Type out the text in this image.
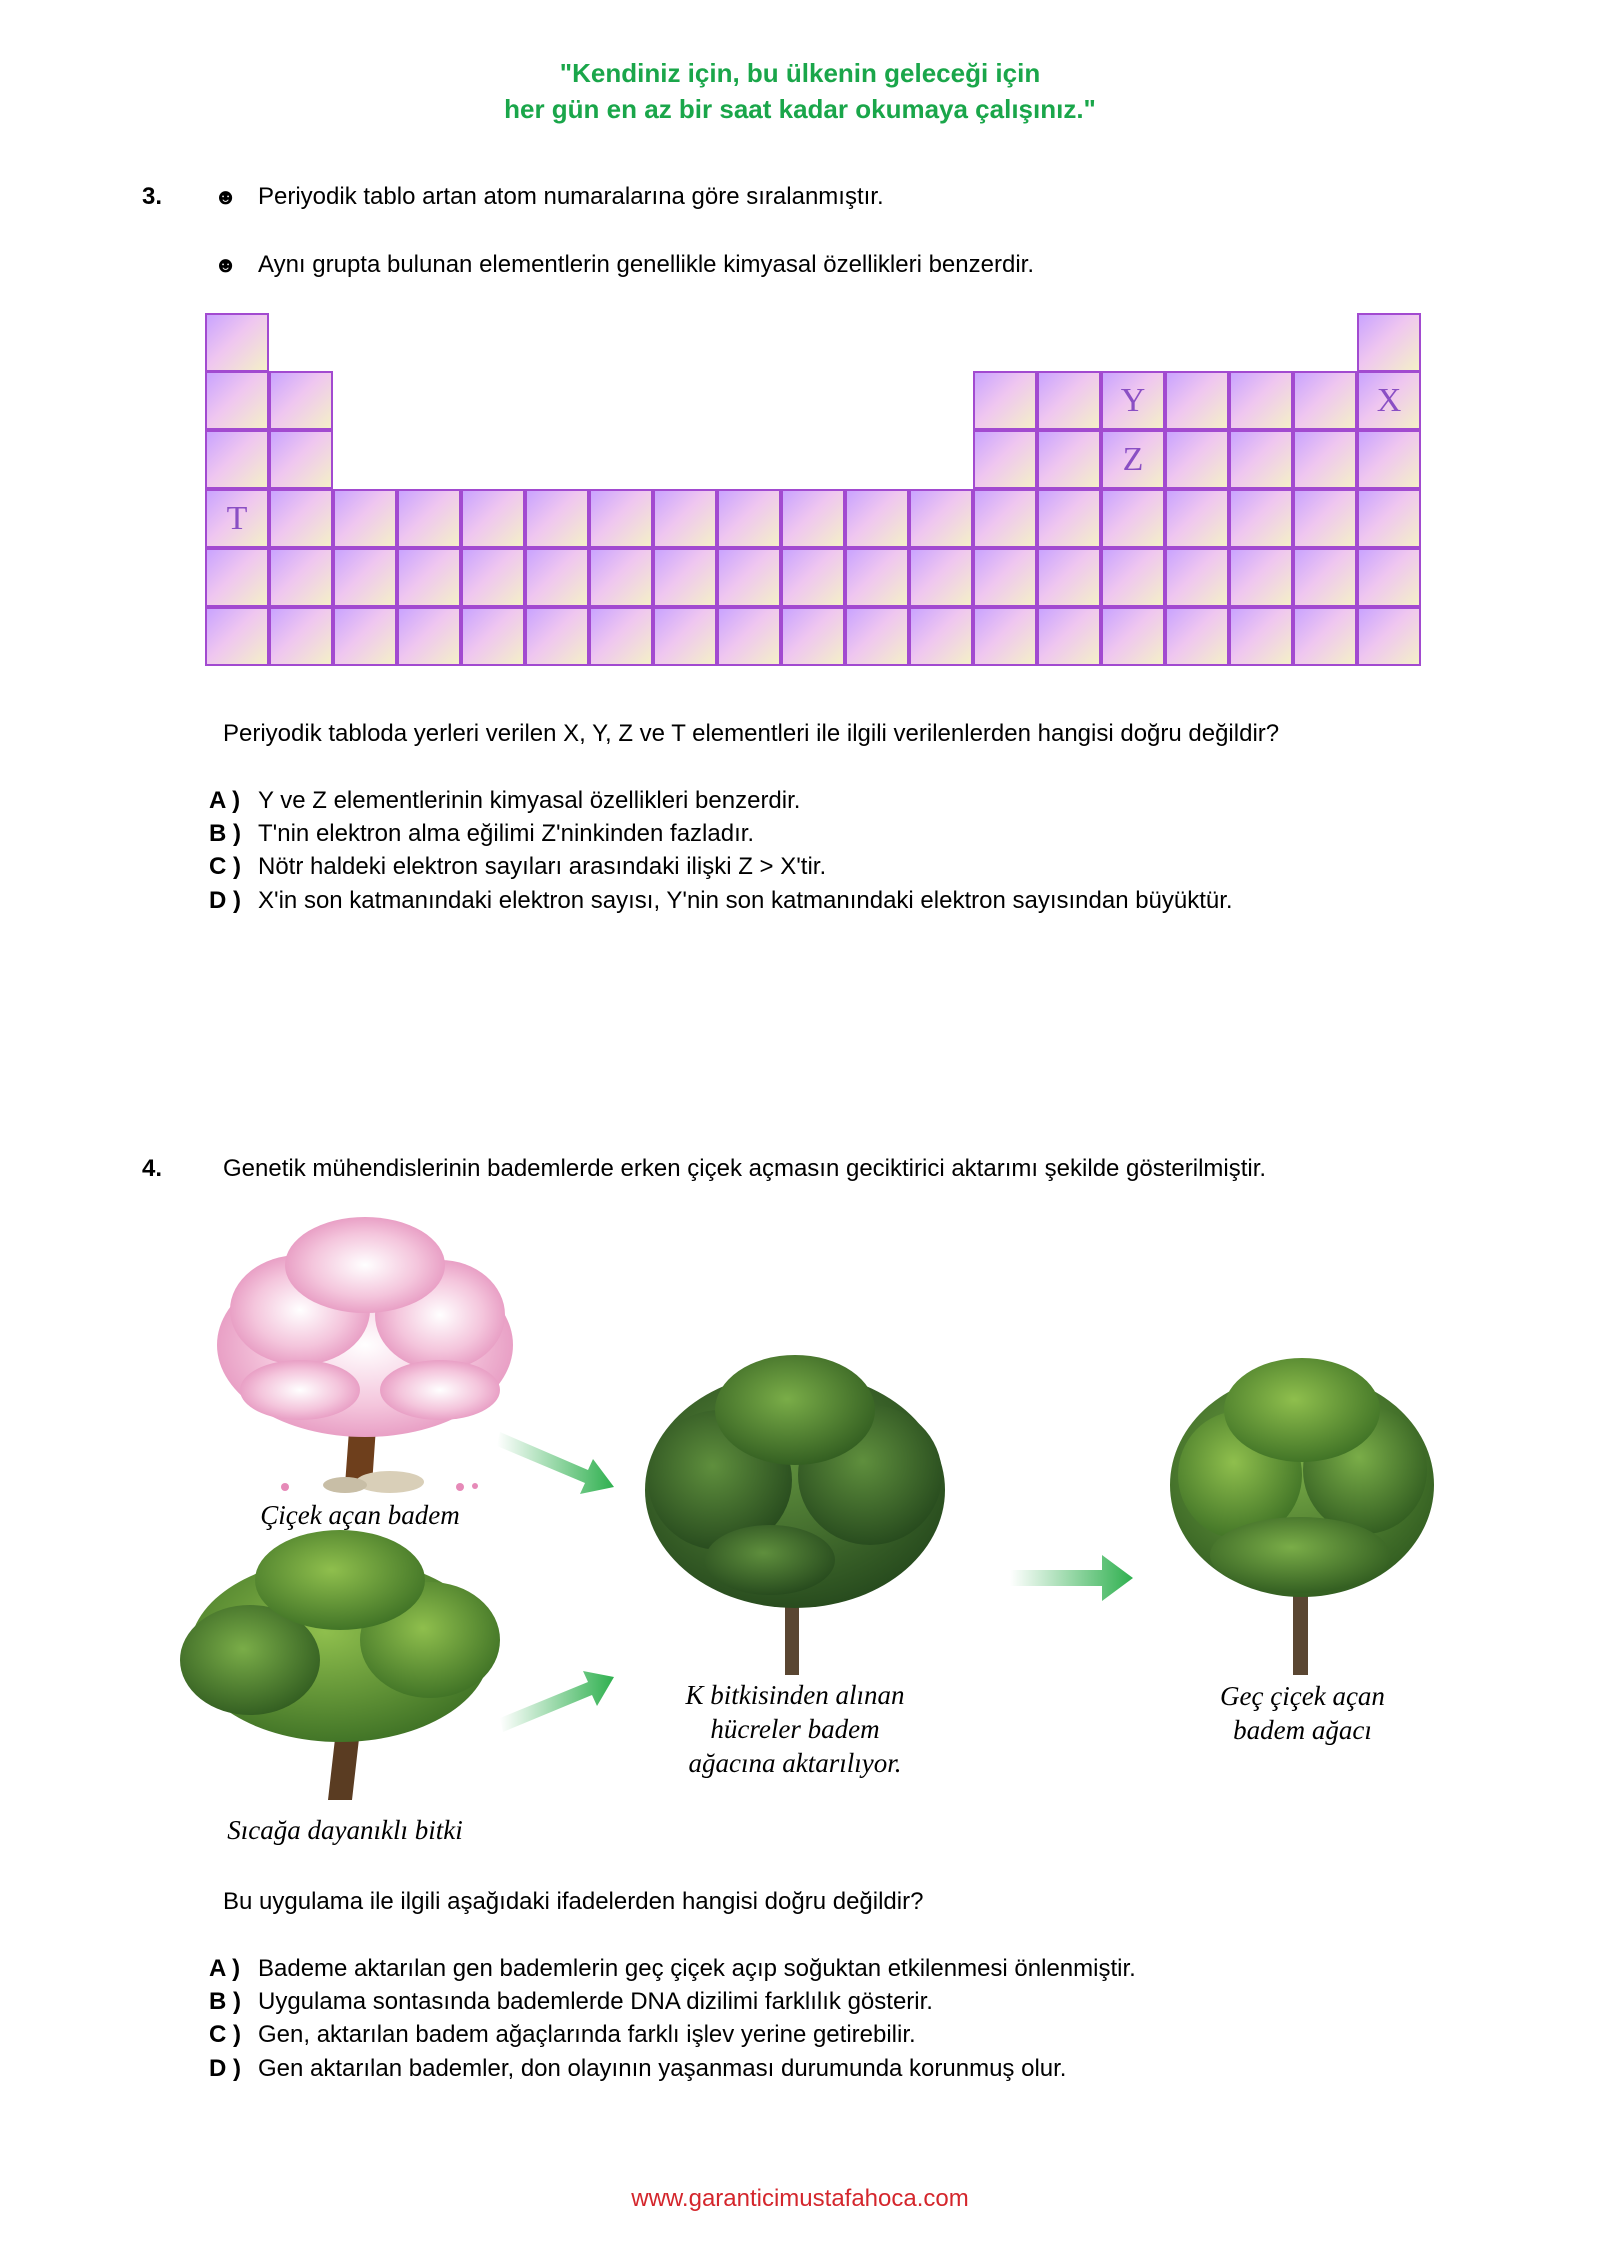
"Kendiniz için, bu ülkenin geleceği için
her gün en az bir saat kadar okumaya çalışınız."
3. ☻ Periyodik tablo artan atom numaralarına göre sıralanmıştır.
☻ Aynı grupta bulunan elementlerin genellikle kimyasal özellikleri benzerdir.
Y	X
Z
T
Periyodik tabloda yerleri verilen X, Y, Z ve T elementleri ile ilgili verilenlerden hangisi doğru değildir?
A ) Y ve Z elementlerinin kimyasal özellikleri benzerdir.
B ) T'nin elektron alma eğilimi Z'ninkinden fazladır.
C ) Nötr haldeki elektron sayıları arasındaki ilişki Z > X'tir.
D ) X'in son katmanındaki elektron sayısı, Y'nin son katmanındaki elektron sayısından büyüktür.
4.	Genetik mühendislerinin bademlerde erken çiçek açmasın geciktirici aktarımı şekilde gösterilmiştir.
Çiçek açan badem
Sıcağa dayanıklı bitki
K bitkisinden alınan
hücreler badem
ağacına aktarılıyor.
Geç çiçek açan
badem ağacı
Bu uygulama ile ilgili aşağıdaki ifadelerden hangisi doğru değildir?
A ) Bademe aktarılan gen bademlerin geç çiçek açıp soğuktan etkilenmesi önlenmiştir.
B ) Uygulama sontasında bademlerde DNA dizilimi farklılık gösterir.
C ) Gen, aktarılan badem ağaçlarında farklı işlev yerine getirebilir.
D ) Gen aktarılan bademler, don olayının yaşanması durumunda korunmuş olur.
www.garanticimustafahoca.com
